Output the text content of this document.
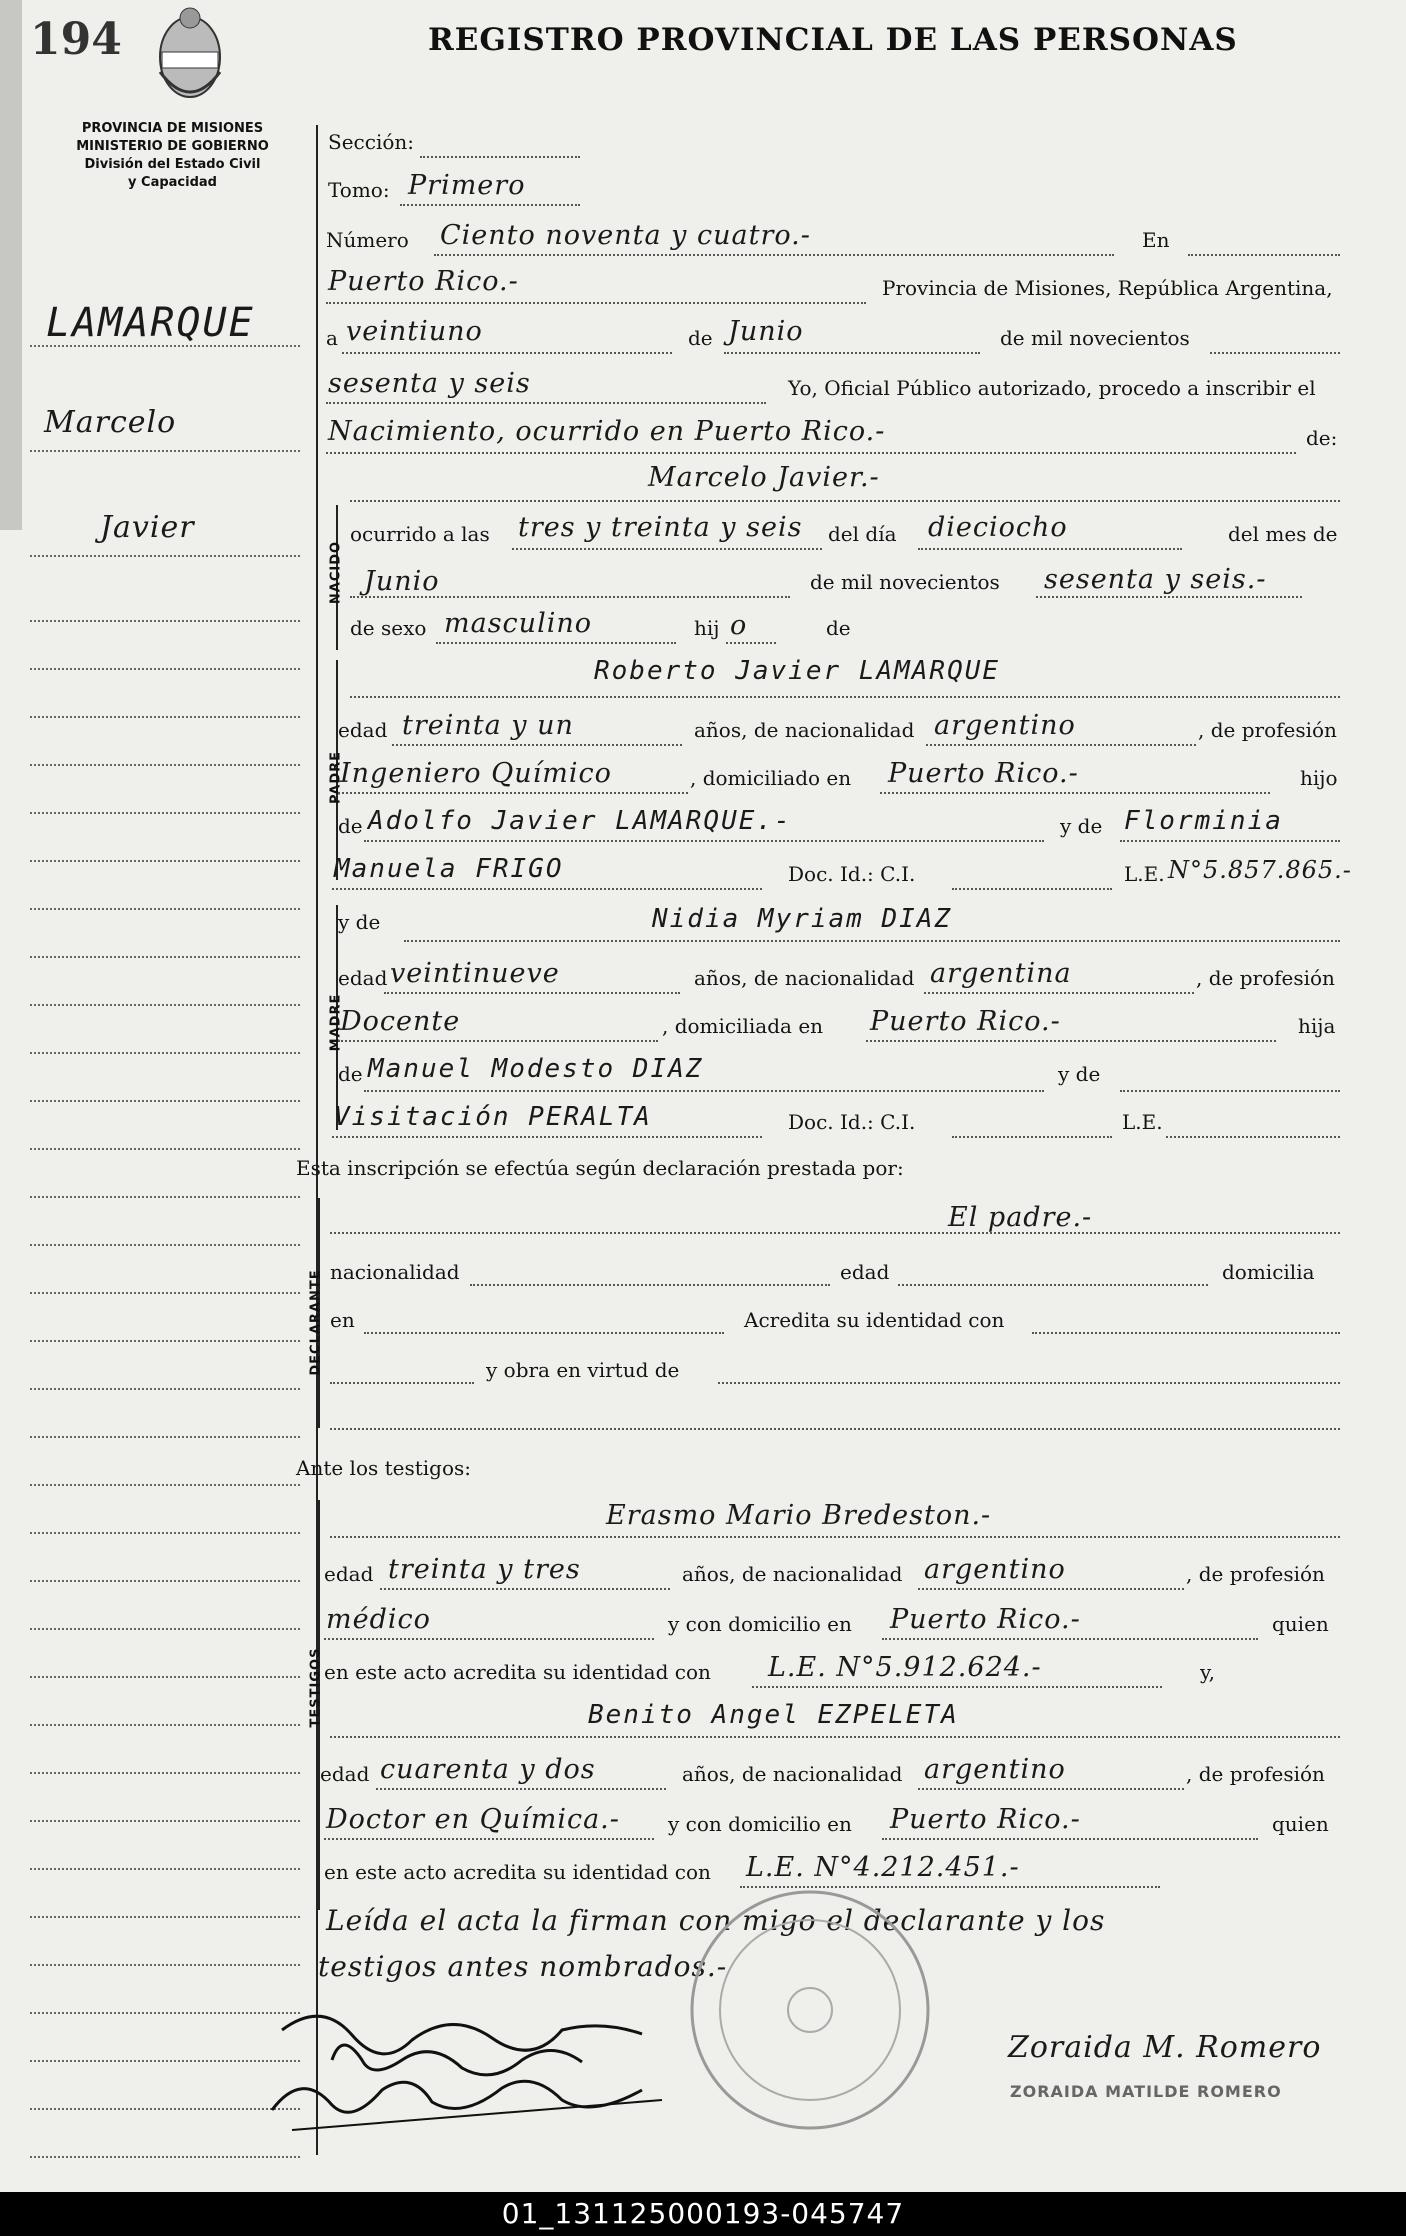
194	REGISTRO PROVINCIAL DE LAS PERSONAS
PROVINCIA DE MISIONES
MINISTERIO DE GOBIERNO
División del Estado Civil
y Capacidad
LAMARQUE
Marcelo
Javier
Sección:
Tomo: Primero
Número Ciento noventa y cuatro.-	En
Puerto Rico.-	Provincia de Misiones, República Argentina,
a veintiuno	de Junio	de mil novecientos
sesenta y seis	Yo, Oficial Público autorizado, procedo a inscribir el
Nacimiento, ocurrido en Puerto Rico.-	de:
NACIDO
Marcelo Javier.-
ocurrido a las tres y treinta y seis del día dieciocho	del mes de
Junio	de mil novecientos sesenta y seis.-
de sexo masculino	hij o	de
PADRE
Roberto Javier LAMARQUE
edad treinta y un	años, de nacionalidad argentino	, de profesión
Ingeniero Químico	, domiciliado en Puerto Rico.-	hijo
de Adolfo Javier LAMARQUE.-	y de Florminia
Manuela FRIGO	Doc. Id.: C.I.	L.E. N°5.857.865.-
MADRE
y de	Nidia Myriam DIAZ
edad veintinueve	años, de nacionalidad argentina	, de profesión
Docente	, domiciliada en Puerto Rico.-	hija
de Manuel Modesto DIAZ	y de
Visitación PERALTA	Doc. Id.: C.I.	L.E.
Esta inscripción se efectúa según declaración prestada por:
DECLARANTE
El padre.-
nacionalidad	edad	domicilia
en	Acredita su identidad con
y obra en virtud de
Ante los testigos:
TESTIGOS
Erasmo Mario Bredeston.-
edad treinta y tres	años, de nacionalidad argentino	, de profesión
médico	y con domicilio en Puerto Rico.-	quien
en este acto acredita su identidad con L.E. N°5.912.624.-	y,
Benito Angel EZPELETA
edad cuarenta y dos	años, de nacionalidad argentino	, de profesión
Doctor en Química.- y con domicilio en Puerto Rico.-	quien
en este acto acredita su identidad con L.E. N°4.212.451.-
Leída el acta la firman con migo el declarante y los
testigos antes nombrados.-
Zoraida M. Romero
ZORAIDA MATILDE ROMERO
01_131125000193-045747
